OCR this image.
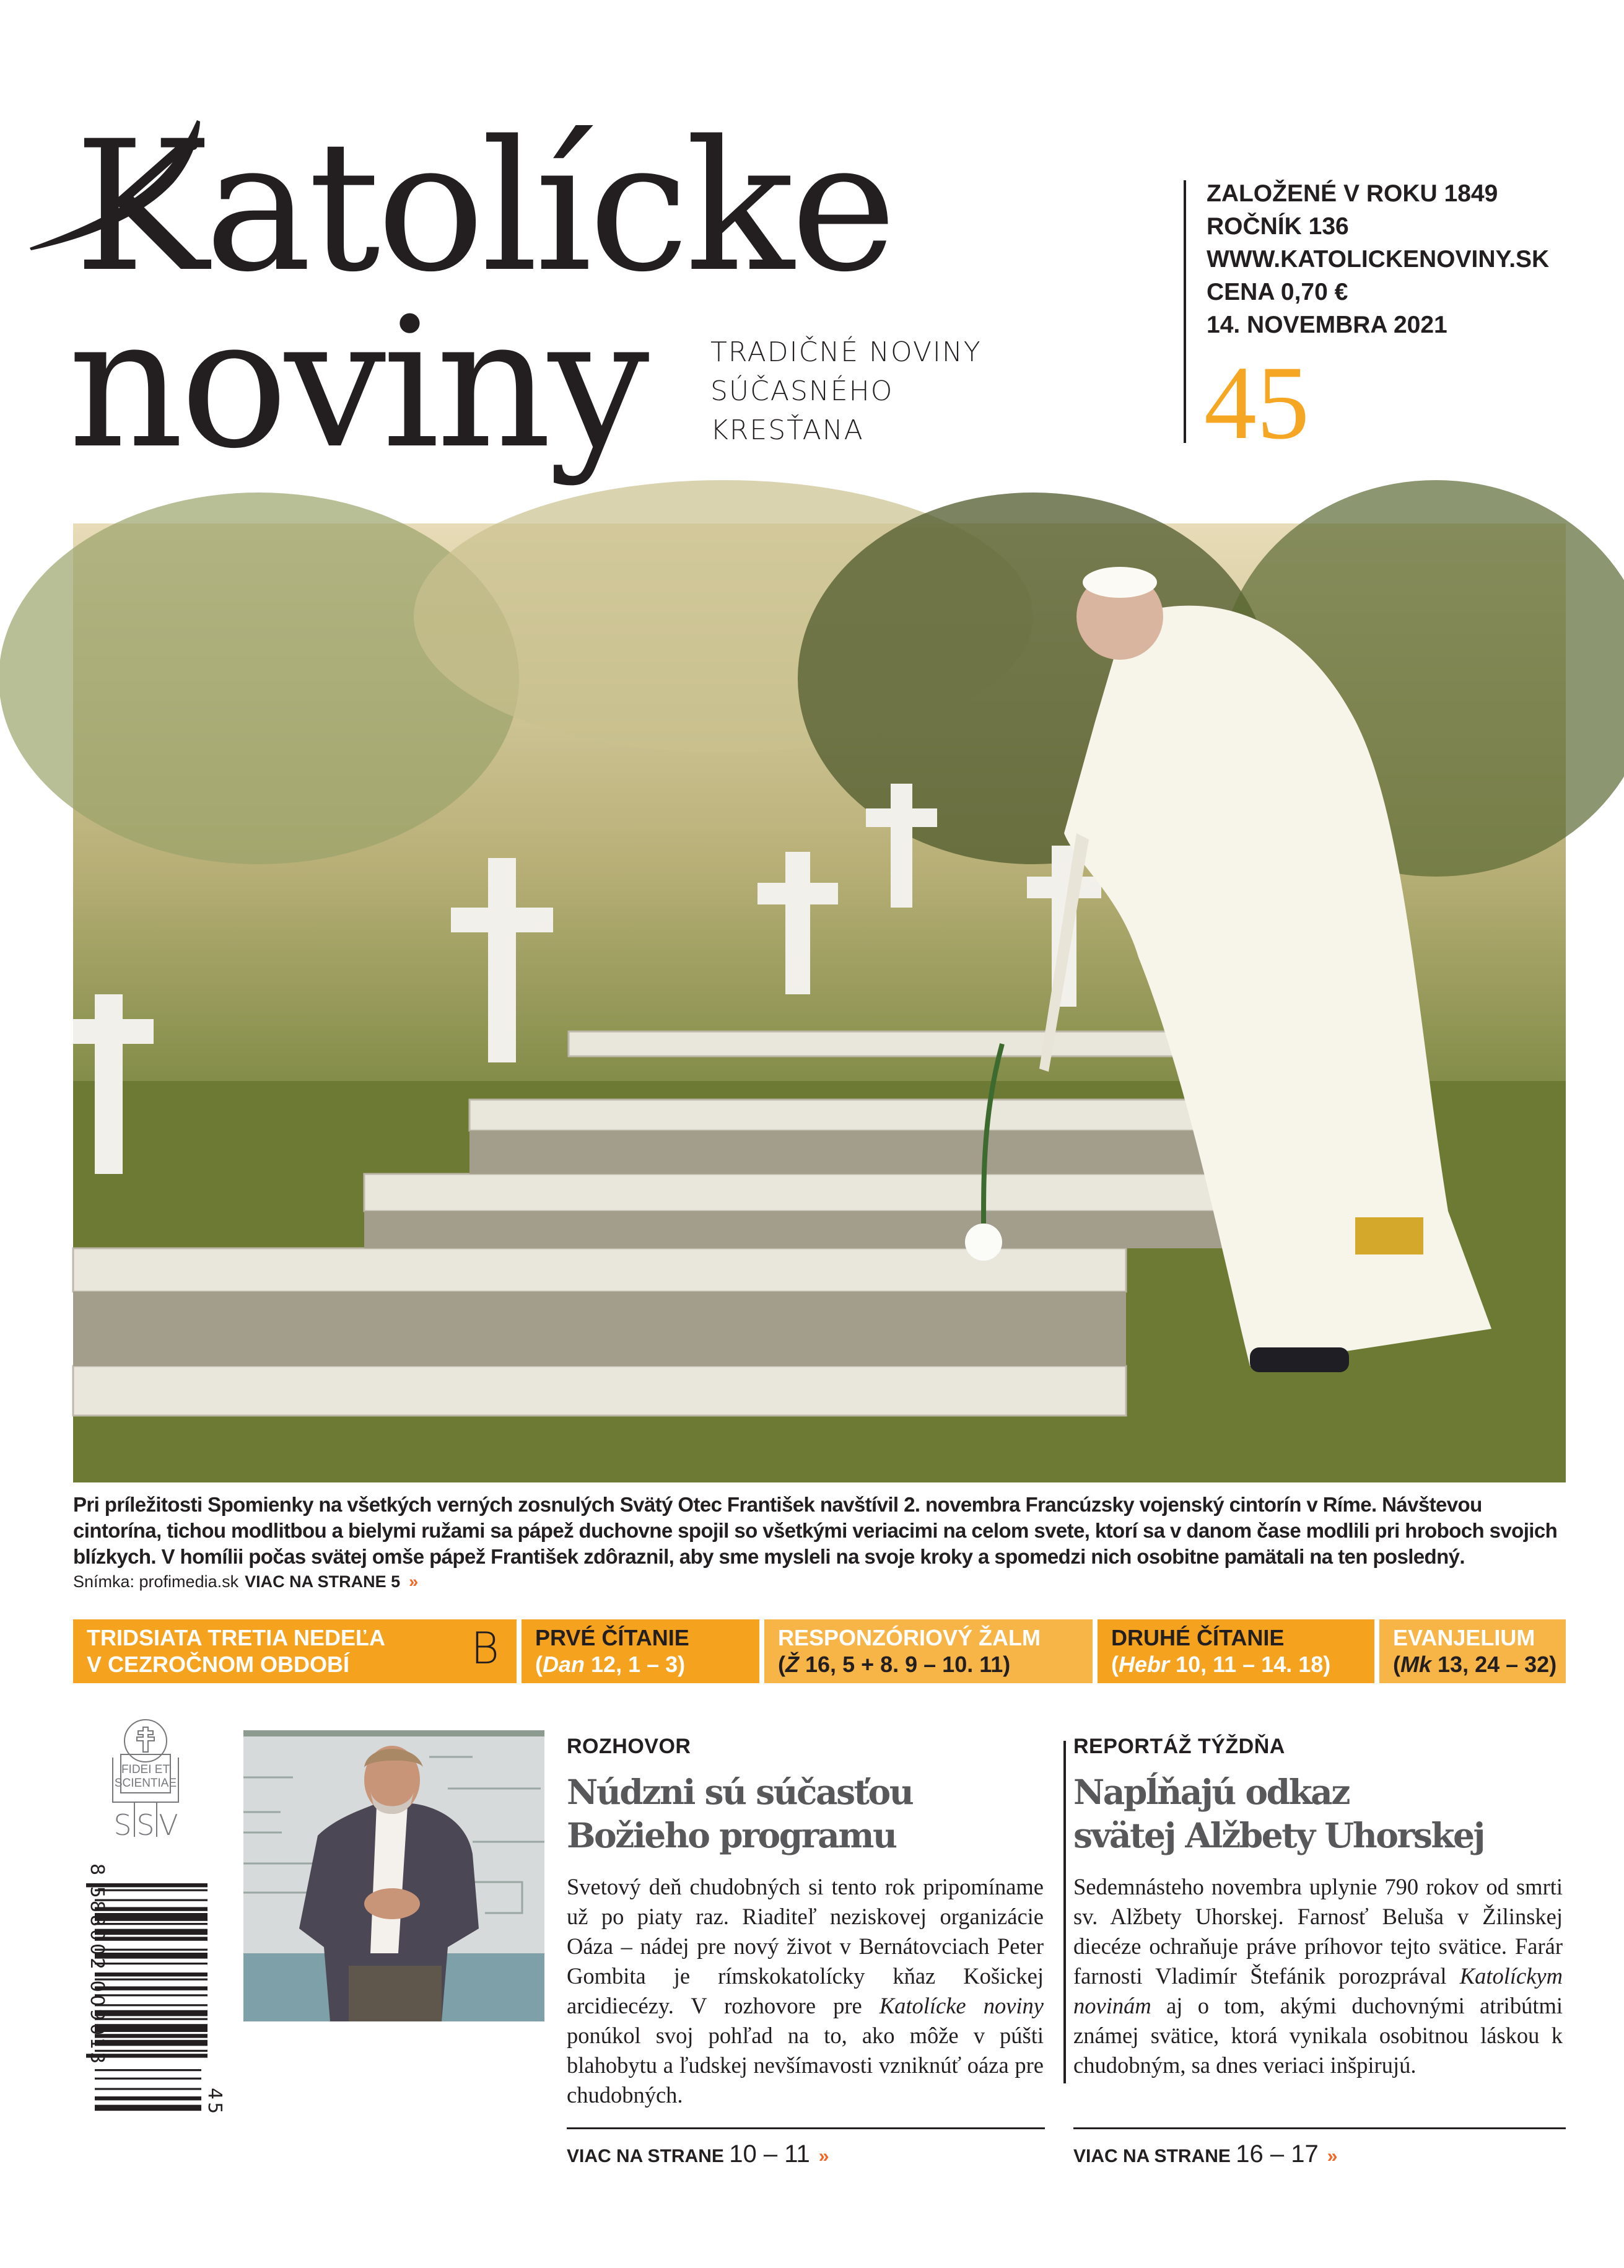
Katolícke
noviny TRADIČNÉ NOVINY
SÚČASNÉHO
KRESŤANA
ZALOŽENÉ V ROKU 1849
ROČNÍK 136
WWW.KATOLICKENOVINY.SK
CENA 0,70 €
14. NOVEMBRA 2021
45
Pri príležitosti Spomienky na všetkých verných zosnulých Svätý Otec František navštívil 2. novembra Francúzsky vojenský cintorín v Ríme. Návštevou cintorína, tichou modlitbou a bielymi ružami sa pápež duchovne spojil so všetkými veriacimi na celom svete, ktorí sa v danom čase modlili pri hroboch svojich blízkych. V homílii počas svätej omše pápež František zdôraznil, aby sme mysleli na svoje kroky a spomedzi nich osobitne pamätali na ten posledný.
Snímka: profimedia.sk VIAC NA STRANE 5 »
TRIDSIATA TRETIA NEDEĽA
V CEZROČNOM OBDOBÍ	B PRVÉ ČÍTANIE
(Dan 12, 1 – 3)
RESPONZÓRIOVÝ ŽALM
(Ž 16, 5 + 8. 9 – 10. 11)
DRUHÉ ČÍTANIE
(Hebr 10, 11 – 14. 18)
EVANJELIUM
(Mk 13, 24 – 32)
FIDEI ET
SCIENTIAE
S S V
8 588002 009013
45
ROZHOVOR
Núdzni sú súčasťou
Božieho programu
Svetový deň chudobných si tento rok pripomíname už po piaty raz. Riaditeľ neziskovej organizácie Oáza – nádej pre nový život v Bernátovciach Peter Gombita je rímskokatolícky kňaz Košickej arcidiecézy. V rozhovore pre Katolícke noviny ponúkol svoj pohľad na to, ako môže v púšti blahobytu a ľudskej nevšímavosti vzniknúť oáza pre chudobných.
VIAC NA STRANE 10 – 11 »
REPORTÁŽ TÝŽDŇA
Napĺňajú odkaz
svätej Alžbety Uhorskej
Sedemnásteho novembra uplynie 790 rokov od smrti sv. Alžbety Uhorskej. Farnosť Beluša v Žilinskej diecéze ochraňuje práve príhovor tejto svätice. Farár farnosti Vladimír Štefánik porozprával Katolíckym novinám aj o tom, akými duchovnými atribútmi známej svätice, ktorá vynikala osobitnou láskou k chudobným, sa dnes veriaci inšpirujú.
VIAC NA STRANE 16 – 17 »
